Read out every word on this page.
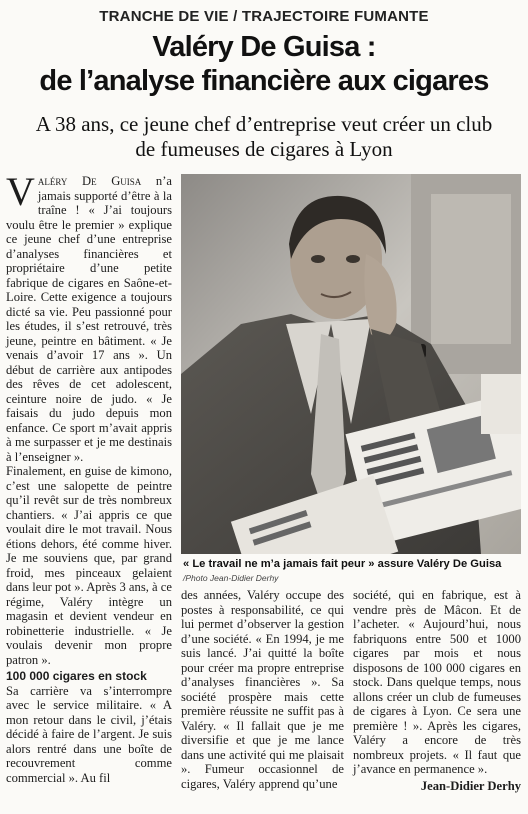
TRANCHE DE VIE / TRAJECTOIRE FUMANTE
Valéry De Guisa :
de l’analyse financière aux cigares
A 38 ans, ce jeune chef d’entreprise veut créer un club
de fumeuses de cigares à Lyon

Valéry De Guisa n’a jamais supporté d’être à la traîne ! « J’ai toujours voulu être le premier » explique ce jeune chef d’une entreprise d’analyses financières et propriétaire d’une petite fabrique de cigares en Saône-et-Loire. Cette exigence a toujours dicté sa vie. Peu passionné pour les études, il s’est retrouvé, très jeune, peintre en bâtiment. « Je venais d’avoir 17 ans ». Un début de carrière aux antipodes des rêves de cet adolescent, ceinture noire de judo. « Je faisais du judo depuis mon enfance. Ce sport m’avait appris à me surpasser et je me destinais à l’enseigner ».

Finalement, en guise de kimono, c’est une salopette de peintre qu’il revêt sur de très nombreux chantiers. « J’ai appris ce que voulait dire le mot travail. Nous étions dehors, été comme hiver. Je me souviens que, par grand froid, mes pinceaux gelaient dans leur pot ». Après 3 ans, à ce régime, Valéry intègre un magasin et devient vendeur en robinetterie industrielle. « Je voulais devenir mon propre patron ».

100 000 cigares en stock

Sa carrière va s’interrompre avec le service militaire. « A mon retour dans le civil, j’étais décidé à faire de l’argent. Je suis alors rentré dans une boîte de recouvrement comme commercial ». Au fil

« Le travail ne m’a jamais fait peur » assure Valéry De Guisa
/Photo Jean-Didier Derhy

des années, Valéry occupe des postes à responsabilité, ce qui lui permet d’observer la gestion d’une société. « En 1994, je me suis lancé. J’ai quitté la boîte pour créer ma propre entreprise d’analyses financières ». Sa société prospère mais cette première réussite ne suffit pas à Valéry. « Il fallait que je me diversifie et que je me lance dans une activité qui me plaisait ». Fumeur occasionnel de cigares, Valéry apprend qu’une

société, qui en fabrique, est à vendre près de Mâcon. Et de l’acheter. « Aujourd’hui, nous fabriquons entre 500 et 1000 cigares par mois et nous disposons de 100 000 cigares en stock. Dans quelque temps, nous allons créer un club de fumeuses de cigares à Lyon. Ce sera une première ! ». Après les cigares, Valéry a encore de très nombreux projets. « Il faut que j’avance en permanence ».

Jean-Didier Derhy
